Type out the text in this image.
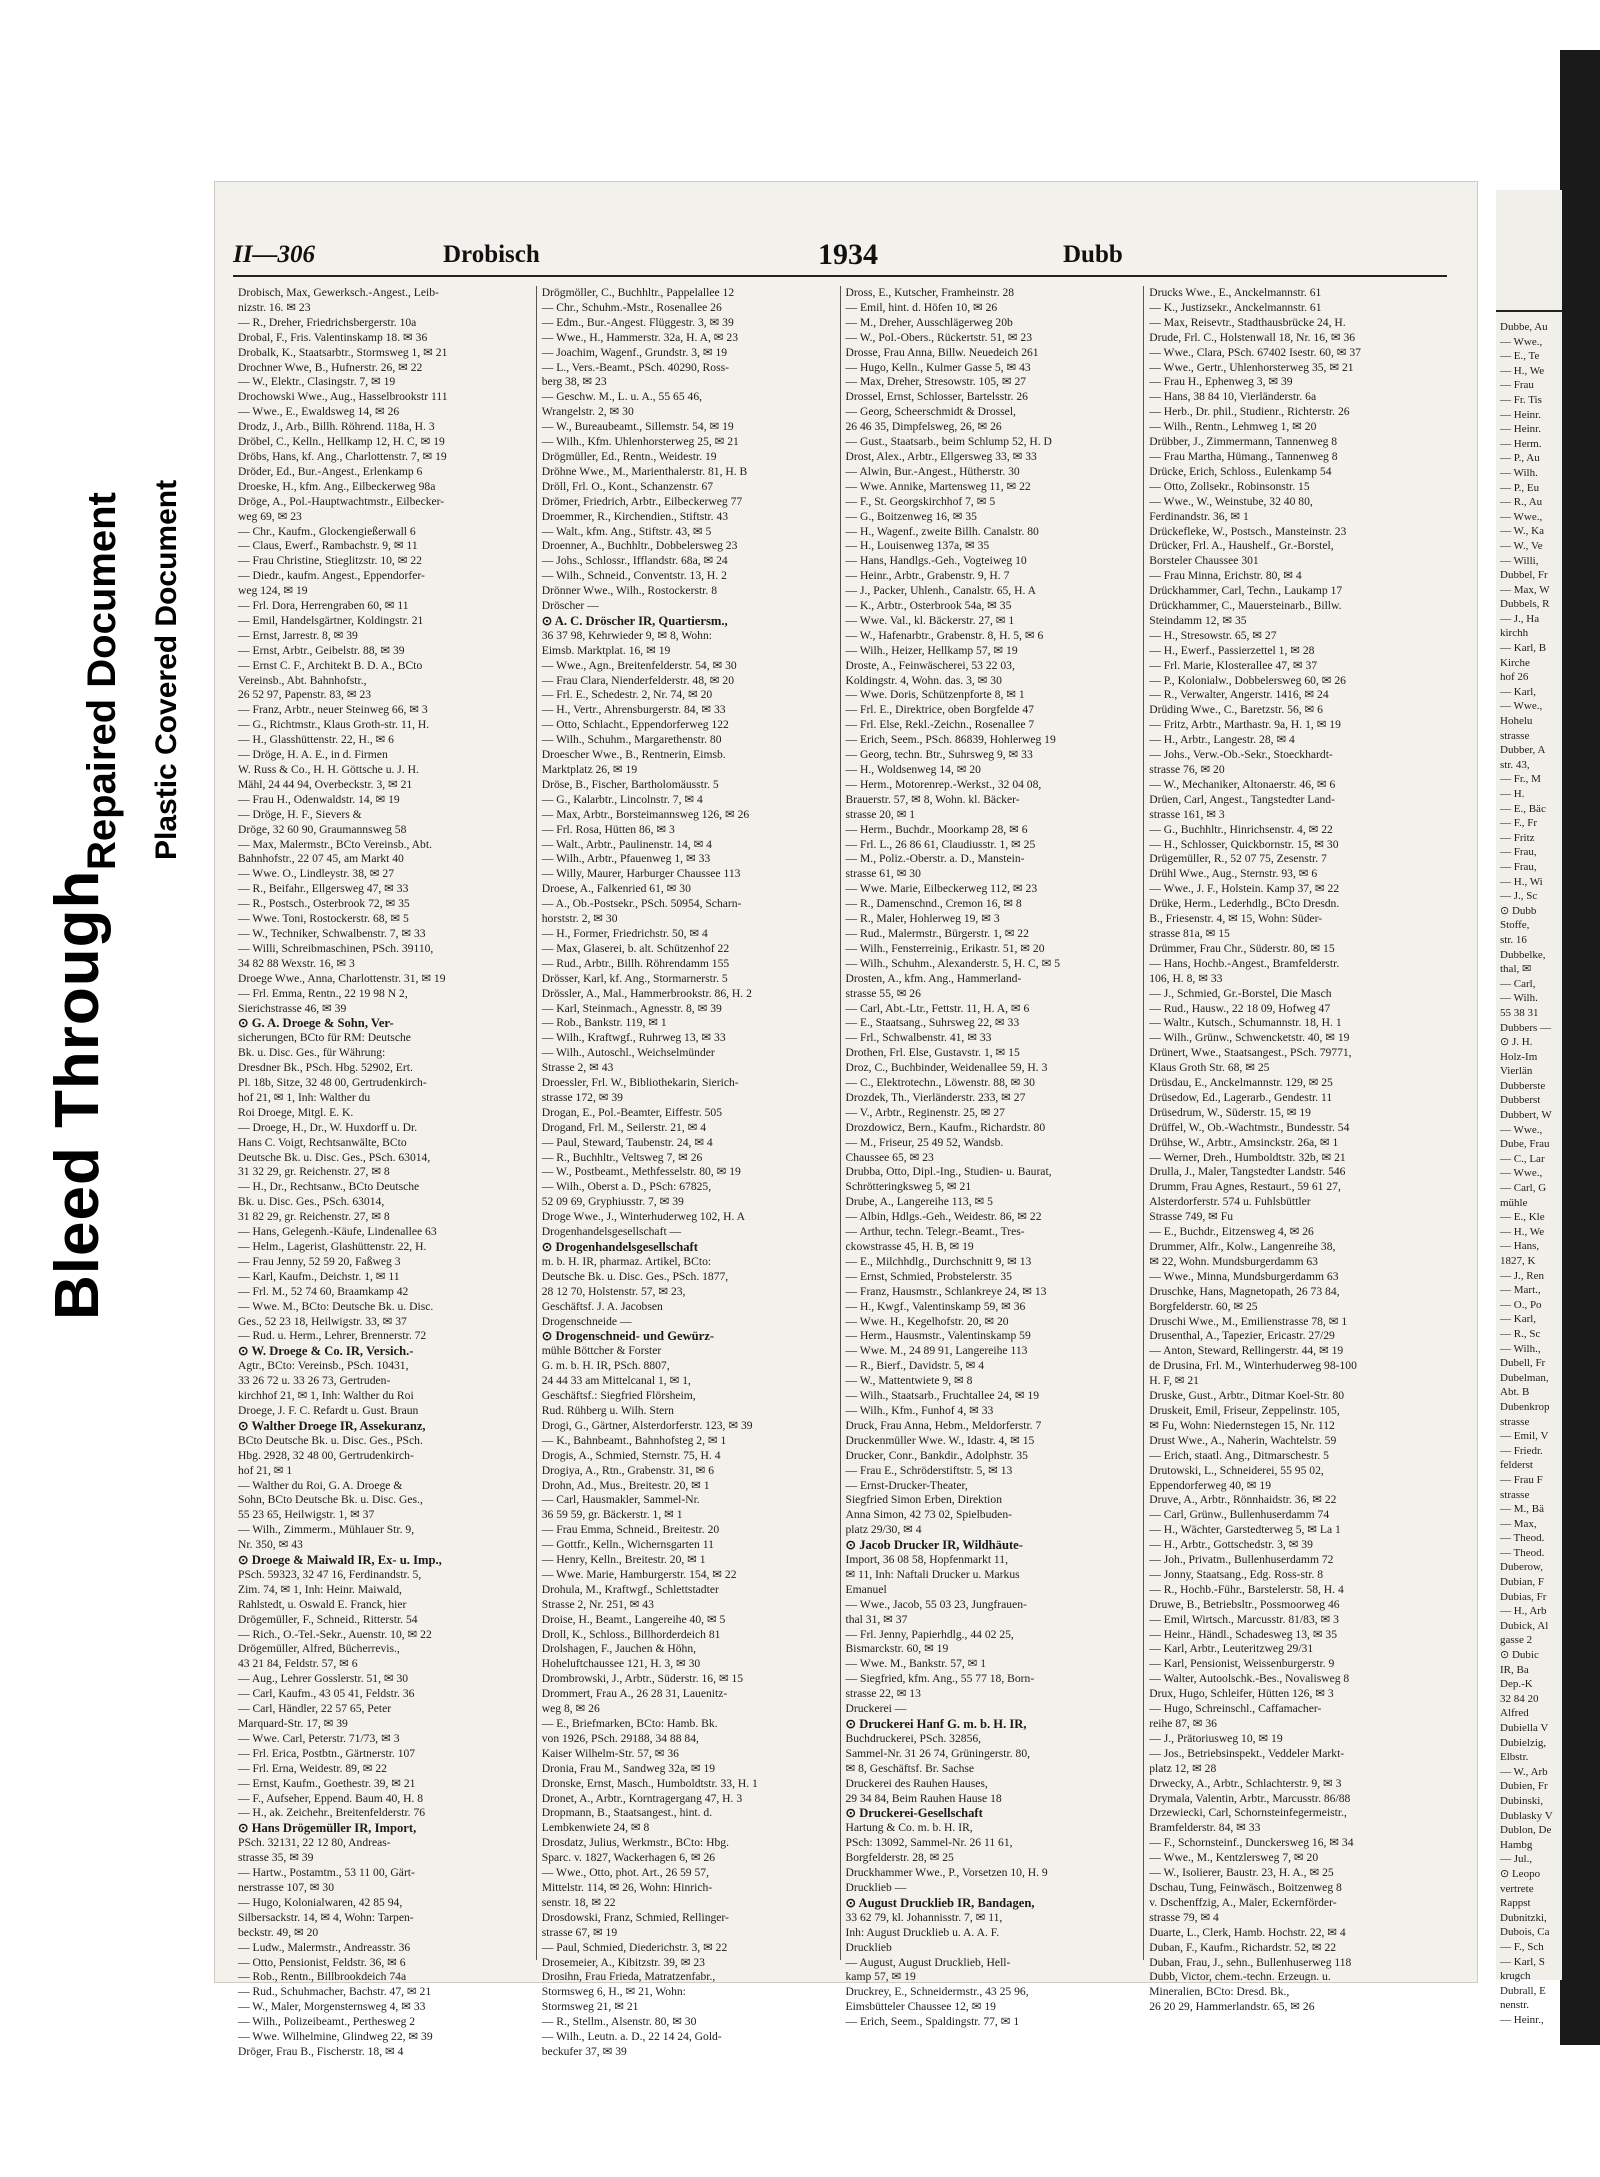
Bleed Through
Repaired Document Plastic Covered Document
II—306	Drobisch	1934	Dubb
Drobisch, Max, Gewerksch.-Angest., Leib-
nizstr. 16. ✉ 23
— R., Dreher, Friedrichsbergerstr. 10a
Drobal, F., Fris. Valentinskamp 18. ✉ 36
Drobalk, K., Staatsarbtr., Stormsweg 1, ✉ 21
Drochner Wwe, B., Hufnerstr. 26, ✉ 22
— W., Elektr., Clasingstr. 7, ✉ 19
Drochowski Wwe., Aug., Hasselbrookstr 111
— Wwe., E., Ewaldsweg 14, ✉ 26
Drodz, J., Arb., Billh. Röhrend. 118a, H. 3
Dröbel, C., Kelln., Hellkamp 12, H. C, ✉ 19
Dröbs, Hans, kf. Ang., Charlottenstr. 7, ✉ 19
Dröder, Ed., Bur.-Angest., Erlenkamp 6
Droeske, H., kfm. Ang., Eilbeckerweg 98a
Dröge, A., Pol.-Hauptwachtmstr., Eilbecker-
weg 69, ✉ 23
— Chr., Kaufm., Glockengießerwall 6
— Claus, Ewerf., Rambachstr. 9, ✉ 11
— Frau Christine, Stieglitzstr. 10, ✉ 22
— Diedr., kaufm. Angest., Eppendorfer-
weg 124, ✉ 19
— Frl. Dora, Herrengraben 60, ✉ 11
— Emil, Handelsgärtner, Koldingstr. 21
— Ernst, Jarrestr. 8, ✉ 39
— Ernst, Arbtr., Geibelstr. 88, ✉ 39
— Ernst C. F., Architekt B. D. A., BCto
Vereinsb., Abt. Bahnhofstr.,
26 52 97, Papenstr. 83, ✉ 23
— Franz, Arbtr., neuer Steinweg 66, ✉ 3
— G., Richtmstr., Klaus Groth-str. 11, H.
— H., Glasshüttenstr. 22, H., ✉ 6
— Dröge, H. A. E., in d. Firmen
W. Russ & Co., H. H. Göttsche u. J. H.
Mähl, 24 44 94, Overbeckstr. 3, ✉ 21
— Frau H., Odenwaldstr. 14, ✉ 19
— Dröge, H. F., Sievers &
Dröge, 32 60 90, Graumannsweg 58
— Max, Malermstr., BCto Vereinsb., Abt.
Bahnhofstr., 22 07 45, am Markt 40
— Wwe. O., Lindleystr. 38, ✉ 27
— R., Beifahr., Ellgersweg 47, ✉ 33
— R., Postsch., Osterbrook 72, ✉ 35
— Wwe. Toni, Rostockerstr. 68, ✉ 5
— W., Techniker, Schwalbenstr. 7, ✉ 33
— Willi, Schreibmaschinen, PSch. 39110,
34 82 88 Wexstr. 16, ✉ 3
Droege Wwe., Anna, Charlottenstr. 31, ✉ 19
— Frl. Emma, Rentn., 22 19 98 N 2,
Sierichstrasse 46, ✉ 39
⊙ G. A. Droege & Sohn, Ver-
sicherungen, BCto für RM: Deutsche
Bk. u. Disc. Ges., für Währung:
Dresdner Bk., PSch. Hbg. 52902, Ert.
Pl. 18b, Sitze, 32 48 00, Gertrudenkirch-
hof 21, ✉ 1, Inh: Walther du
Roi Droege, Mitgl. E. K.
— Droege, H., Dr., W. Huxdorff u. Dr.
Hans C. Voigt, Rechtsanwälte, BCto
Deutsche Bk. u. Disc. Ges., PSch. 63014,
31 32 29, gr. Reichenstr. 27, ✉ 8
— H., Dr., Rechtsanw., BCto Deutsche
Bk. u. Disc. Ges., PSch. 63014,
31 82 29, gr. Reichenstr. 27, ✉ 8
— Hans, Gelegenh.-Käufe, Lindenallee 63
— Helm., Lagerist, Glashüttenstr. 22, H.
— Frau Jenny, 52 59 20, Faßweg 3
— Karl, Kaufm., Deichstr. 1, ✉ 11
— Frl. M., 52 74 60, Braamkamp 42
— Wwe. M., BCto: Deutsche Bk. u. Disc.
Ges., 52 23 18, Heilwigstr. 33, ✉ 37
— Rud. u. Herm., Lehrer, Brennerstr. 72
⊙ W. Droege & Co. IR, Versich.-
Agtr., BCto: Vereinsb., PSch. 10431,
33 26 72 u. 33 26 73, Gertruden-
kirchhof 21, ✉ 1, Inh: Walther du Roi
Droege, J. F. C. Refardt u. Gust. Braun
⊙ Walther Droege IR, Assekuranz,
BCto Deutsche Bk. u. Disc. Ges., PSch.
Hbg. 2928, 32 48 00, Gertrudenkirch-
hof 21, ✉ 1
— Walther du Roi, G. A. Droege &
Sohn, BCto Deutsche Bk. u. Disc. Ges.,
55 23 65, Heilwigstr. 1, ✉ 37
— Wilh., Zimmerm., Mühlauer Str. 9,
Nr. 350, ✉ 43
⊙ Droege & Maiwald IR, Ex- u. Imp.,
PSch. 59323, 32 47 16, Ferdinandstr. 5,
Zim. 74, ✉ 1, Inh: Heinr. Maiwald,
Rahlstedt, u. Oswald E. Franck, hier
Drögemüller, F., Schneid., Ritterstr. 54
— Rich., O.-Tel.-Sekr., Auenstr. 10, ✉ 22
Drögemüller, Alfred, Bücherrevis.,
43 21 84, Feldstr. 57, ✉ 6
— Aug., Lehrer Gosslerstr. 51, ✉ 30
— Carl, Kaufm., 43 05 41, Feldstr. 36
— Carl, Händler, 22 57 65, Peter
Marquard-Str. 17, ✉ 39
— Wwe. Carl, Peterstr. 71/73, ✉ 3
— Frl. Erica, Postbtn., Gärtnerstr. 107
— Frl. Erna, Weidestr. 89, ✉ 22
— Ernst, Kaufm., Goethestr. 39, ✉ 21
— F., Aufseher, Eppend. Baum 40, H. 8
— H., ak. Zeichehr., Breitenfelderstr. 76
⊙ Hans Drögemüller IR, Import,
PSch. 32131, 22 12 80, Andreas-
strasse 35, ✉ 39
— Hartw., Postamtm., 53 11 00, Gärt-
nerstrasse 107, ✉ 30
— Hugo, Kolonialwaren, 42 85 94,
Silbersackstr. 14, ✉ 4, Wohn: Tarpen-
beckstr. 49, ✉ 20
— Ludw., Malermstr., Andreasstr. 36
— Otto, Pensionist, Feldstr. 36, ✉ 6
— Rob., Rentn., Billbrookdeich 74a
— Rud., Schuhmacher, Bachstr. 47, ✉ 21
— W., Maler, Morgensternsweg 4, ✉ 33
— Wilh., Polizeibeamt., Perthesweg 2
— Wwe. Wilhelmine, Glindweg 22, ✉ 39
Dröger, Frau B., Fischerstr. 18, ✉ 4
Drögmöller, C., Buchhltr., Pappelallee 12
— Chr., Schuhm.-Mstr., Rosenallee 26
— Edm., Bur.-Angest. Flüggestr. 3, ✉ 39
— Wwe., H., Hammerstr. 32a, H. A, ✉ 23
— Joachim, Wagenf., Grundstr. 3, ✉ 19
— L., Vers.-Beamt., PSch. 40290, Ross-
berg 38, ✉ 23
— Geschw. M., L. u. A., 55 65 46,
Wrangelstr. 2, ✉ 30
— W., Bureaubeamt., Sillemstr. 54, ✉ 19
— Wilh., Kfm. Uhlenhorsterweg 25, ✉ 21
Drögmüller, Ed., Rentn., Weidestr. 19
Dröhne Wwe., M., Marienthalerstr. 81, H. B
Dröll, Frl. O., Kont., Schanzenstr. 67
Drömer, Friedrich, Arbtr., Eilbeckerweg 77
Droemmer, R., Kirchendien., Stiftstr. 43
— Walt., kfm. Ang., Stiftstr. 43, ✉ 5
Droenner, A., Buchhltr., Dobbelersweg 23
— Johs., Schlossr., Ifflandstr. 68a, ✉ 24
— Wilh., Schneid., Conventstr. 13, H. 2
Drönner Wwe., Wilh., Rostockerstr. 8
Dröscher —
⊙ A. C. Dröscher IR, Quartiersm.,
36 37 98, Kehrwieder 9, ✉ 8, Wohn:
Eimsb. Marktplat. 16, ✉ 19
— Wwe., Agn., Breitenfelderstr. 54, ✉ 30
— Frau Clara, Nienderfelderstr. 48, ✉ 20
— Frl. E., Schedestr. 2, Nr. 74, ✉ 20
— H., Vertr., Ahrensburgerstr. 84, ✉ 33
— Otto, Schlacht., Eppendorferweg 122
— Wilh., Schuhm., Margarethenstr. 80
Droescher Wwe., B., Rentnerin, Eimsb.
Marktplatz 26, ✉ 19
Dröse, B., Fischer, Bartholomäusstr. 5
— G., Kalarbtr., Lincolnstr. 7, ✉ 4
— Max, Arbtr., Borsteimannsweg 126, ✉ 26
— Frl. Rosa, Hütten 86, ✉ 3
— Walt., Arbtr., Paulinenstr. 14, ✉ 4
— Wilh., Arbtr., Pfauenweg 1, ✉ 33
— Willy, Maurer, Harburger Chaussee 113
Droese, A., Falkenried 61, ✉ 30
— A., Ob.-Postsekr., PSch. 50954, Scharn-
horststr. 2, ✉ 30
— H., Former, Friedrichstr. 50, ✉ 4
— Max, Glaserei, b. alt. Schützenhof 22
— Rud., Arbtr., Billh. Röhrendamm 155
Drösser, Karl, kf. Ang., Stormarnerstr. 5
Drössler, A., Mal., Hammerbrookstr. 86, H. 2
— Karl, Steinmach., Agnesstr. 8, ✉ 39
— Rob., Bankstr. 119, ✉ 1
— Wilh., Kraftwgf., Ruhrweg 13, ✉ 33
— Wilh., Autoschl., Weichselmünder
Strasse 2, ✉ 43
Droessler, Frl. W., Bibliothekarin, Sierich-
strasse 172, ✉ 39
Drogan, E., Pol.-Beamter, Eiffestr. 505
Drogand, Frl. M., Seilerstr. 21, ✉ 4
— Paul, Steward, Taubenstr. 24, ✉ 4
— R., Buchhltr., Veltsweg 7, ✉ 26
— W., Postbeamt., Methfesselstr. 80, ✉ 19
— Wilh., Oberst a. D., PSch: 67825,
52 09 69, Gryphiusstr. 7, ✉ 39
Droge Wwe., J., Winterhuderweg 102, H. A
Drogenhandelsgesellschaft —
⊙ Drogenhandelsgesellschaft
m. b. H. IR, pharmaz. Artikel, BCto:
Deutsche Bk. u. Disc. Ges., PSch. 1877,
28 12 70, Holstenstr. 57, ✉ 23,
Geschäftsf. J. A. Jacobsen
Drogenschneide —
⊙ Drogenschneid- und Gewürz-
mühle Böttcher & Forster
G. m. b. H. IR, PSch. 8807,
24 44 33 am Mittelcanal 1, ✉ 1,
Geschäftsf.: Siegfried Flörsheim,
Rud. Rühberg u. Wilh. Stern
Drogi, G., Gärtner, Alsterdorferstr. 123, ✉ 39
— K., Bahnbeamt., Bahnhofsteg 2, ✉ 1
Drogis, A., Schmied, Sternstr. 75, H. 4
Drogiya, A., Rtn., Grabenstr. 31, ✉ 6
Drohn, Ad., Mus., Breitestr. 20, ✉ 1
— Carl, Hausmakler, Sammel-Nr.
36 59 59, gr. Bäckerstr. 1, ✉ 1
— Frau Emma, Schneid., Breitestr. 20
— Gottfr., Kelln., Wichernsgarten 11
— Henry, Kelln., Breitestr. 20, ✉ 1
— Wwe. Marie, Hamburgerstr. 154, ✉ 22
Drohula, M., Kraftwgf., Schlettstadter
Strasse 2, Nr. 251, ✉ 43
Droise, H., Beamt., Langereihe 40, ✉ 5
Droll, K., Schloss., Billhorderdeich 81
Drolshagen, F., Jauchen & Höhn,
Hoheluftchaussee 121, H. 3, ✉ 30
Drombrowski, J., Arbtr., Süderstr. 16, ✉ 15
Drommert, Frau A., 26 28 31, Lauenitz-
weg 8, ✉ 26
— E., Briefmarken, BCto: Hamb. Bk.
von 1926, PSch. 29188, 34 88 84,
Kaiser Wilhelm-Str. 57, ✉ 36
Dronia, Frau M., Sandweg 32a, ✉ 19
Dronske, Ernst, Masch., Humboldtstr. 33, H. 1
Dronet, A., Arbtr., Korntragergang 47, H. 3
Dropmann, B., Staatsangest., hint. d.
Lembkenwiete 24, ✉ 8
Drosdatz, Julius, Werkmstr., BCto: Hbg.
Sparc. v. 1827, Wackerhagen 6, ✉ 26
— Wwe., Otto, phot. Art., 26 59 57,
Mittelstr. 114, ✉ 26, Wohn: Hinrich-
senstr. 18, ✉ 22
Drosdowski, Franz, Schmied, Rellinger-
strasse 67, ✉ 19
— Paul, Schmied, Diederichstr. 3, ✉ 22
Drosemeier, A., Kibitzstr. 39, ✉ 23
Drosihn, Frau Frieda, Matratzenfabr.,
Stormsweg 6, H., ✉ 21, Wohn:
Stormsweg 21, ✉ 21
— R., Stellm., Alsenstr. 80, ✉ 30
— Wilh., Leutn. a. D., 22 14 24, Gold-
beckufer 37, ✉ 39
Dross, E., Kutscher, Framheinstr. 28
— Emil, hint. d. Höfen 10, ✉ 26
— M., Dreher, Ausschlägerweg 20b
— W., Pol.-Obers., Rückertstr. 51, ✉ 23
Drosse, Frau Anna, Billw. Neuedeich 261
— Hugo, Kelln., Kulmer Gasse 5, ✉ 43
— Max, Dreher, Stresowstr. 105, ✉ 27
Drossel, Ernst, Schlosser, Bartelsstr. 26
— Georg, Scheerschmidt & Drossel,
26 46 35, Dimpfelsweg, 26, ✉ 26
— Gust., Staatsarb., beim Schlump 52, H. D
Drost, Alex., Arbtr., Ellgersweg 33, ✉ 33
— Alwin, Bur.-Angest., Hütherstr. 30
— Wwe. Annike, Martensweg 11, ✉ 22
— F., St. Georgskirchhof 7, ✉ 5
— G., Boitzenweg 16, ✉ 35
— H., Wagenf., zweite Billh. Canalstr. 80
— H., Louisenweg 137a, ✉ 35
— Hans, Handlgs.-Geh., Vogteiweg 10
— Heinr., Arbtr., Grabenstr. 9, H. 7
— J., Packer, Uhlenh., Canalstr. 65, H. A
— K., Arbtr., Osterbrook 54a, ✉ 35
— Wwe. Val., kl. Bäckerstr. 27, ✉ 1
— W., Hafenarbtr., Grabenstr. 8, H. 5, ✉ 6
— Wilh., Heizer, Hellkamp 57, ✉ 19
Droste, A., Feinwäscherei, 53 22 03,
Koldingstr. 4, Wohn. das. 3, ✉ 30
— Wwe. Doris, Schützenpforte 8, ✉ 1
— Frl. E., Direktrice, oben Borgfelde 47
— Frl. Else, Rekl.-Zeichn., Rosenallee 7
— Erich, Seem., PSch. 86839, Hohlerweg 19
— Georg, techn. Btr., Suhrsweg 9, ✉ 33
— H., Woldsenweg 14, ✉ 20
— Herm., Motorenrep.-Werkst., 32 04 08,
Brauerstr. 57, ✉ 8, Wohn. kl. Bäcker-
strasse 20, ✉ 1
— Herm., Buchdr., Moorkamp 28, ✉ 6
— Frl. L., 26 86 61, Claudiusstr. 1, ✉ 25
— M., Poliz.-Oberstr. a. D., Manstein-
strasse 61, ✉ 30
— Wwe. Marie, Eilbeckerweg 112, ✉ 23
— R., Damenschnd., Cremon 16, ✉ 8
— R., Maler, Hohlerweg 19, ✉ 3
— Rud., Malermstr., Bürgerstr. 1, ✉ 22
— Wilh., Fensterreinig., Erikastr. 51, ✉ 20
— Wilh., Schuhm., Alexanderstr. 5, H. C, ✉ 5
Drosten, A., kfm. Ang., Hammerland-
strasse 55, ✉ 26
— Carl, Abt.-Ltr., Fettstr. 11, H. A, ✉ 6
— E., Staatsang., Suhrsweg 22, ✉ 33
— Frl., Schwalbenstr. 41, ✉ 33
Drothen, Frl. Else, Gustavstr. 1, ✉ 15
Droz, C., Buchbinder, Weidenallee 59, H. 3
— C., Elektrotechn., Löwenstr. 88, ✉ 30
Drozdek, Th., Vierländerstr. 233, ✉ 27
— V., Arbtr., Reginenstr. 25, ✉ 27
Drozdowicz, Bern., Kaufm., Richardstr. 80
— M., Friseur, 25 49 52, Wandsb.
Chaussee 65, ✉ 23
Drubba, Otto, Dipl.-Ing., Studien- u. Baurat,
Schrötteringksweg 5, ✉ 21
Drube, A., Langereihe 113, ✉ 5
— Albin, Hdlgs.-Geh., Weidestr. 86, ✉ 22
— Arthur, techn. Telegr.-Beamt., Tres-
ckowstrasse 45, H. B, ✉ 19
— E., Milchhdlg., Durchschnitt 9, ✉ 13
— Ernst, Schmied, Probstelerstr. 35
— Franz, Hausmstr., Schlankreye 24, ✉ 13
— H., Kwgf., Valentinskamp 59, ✉ 36
— Wwe. H., Kegelhofstr. 20, ✉ 20
— Herm., Hausmstr., Valentinskamp 59
— Wwe. M., 24 89 91, Langereihe 113
— R., Bierf., Davidstr. 5, ✉ 4
— W., Mattentwiete 9, ✉ 8
— Wilh., Staatsarb., Fruchtallee 24, ✉ 19
— Wilh., Kfm., Funhof 4, ✉ 33
Druck, Frau Anna, Hebm., Meldorferstr. 7
Druckenmüller Wwe. W., Idastr. 4, ✉ 15
Drucker, Conr., Bankdir., Adolphstr. 35
— Frau E., Schröderstiftstr. 5, ✉ 13
— Ernst-Drucker-Theater,
Siegfried Simon Erben, Direktion
Anna Simon, 42 73 02, Spielbuden-
platz 29/30, ✉ 4
⊙ Jacob Drucker IR, Wildhäute-
Import, 36 08 58, Hopfenmarkt 11,
✉ 11, Inh: Naftali Drucker u. Markus
Emanuel
— Wwe., Jacob, 55 03 23, Jungfrauen-
thal 31, ✉ 37
— Frl. Jenny, Papierhdlg., 44 02 25,
Bismarckstr. 60, ✉ 19
— Wwe. M., Bankstr. 57, ✉ 1
— Siegfried, kfm. Ang., 55 77 18, Born-
strasse 22, ✉ 13
Druckerei —
⊙ Druckerei Hanf G. m. b. H. IR,
Buchdruckerei, PSch. 32856,
Sammel-Nr. 31 26 74, Grüningerstr. 80,
✉ 8, Geschäftsf. Br. Sachse
Druckerei des Rauhen Hauses,
29 34 84, Beim Rauhen Hause 18
⊙ Druckerei-Gesellschaft
Hartung & Co. m. b. H. IR,
PSch: 13092, Sammel-Nr. 26 11 61,
Borgfelderstr. 28, ✉ 25
Druckhammer Wwe., P., Vorsetzen 10, H. 9
Drucklieb —
⊙ August Drucklieb IR, Bandagen,
33 62 79, kl. Johannisstr. 7, ✉ 11,
Inh: August Drucklieb u. A. A. F.
Drucklieb
— August, August Drucklieb, Hell-
kamp 57, ✉ 19
Druckrey, E., Schneidermstr., 43 25 96,
Eimsbütteler Chaussee 12, ✉ 19
— Erich, Seem., Spaldingstr. 77, ✉ 1
Drucks Wwe., E., Anckelmannstr. 61
— K., Justizsekr., Anckelmannstr. 61
— Max, Reisevtr., Stadthausbrücke 24, H.
Drude, Frl. C., Holstenwall 18, Nr. 16, ✉ 36
— Wwe., Clara, PSch. 67402 Isestr. 60, ✉ 37
— Wwe., Gertr., Uhlenhorsterweg 35, ✉ 21
— Frau H., Ephenweg 3, ✉ 39
— Hans, 38 84 10, Vierländerstr. 6a
— Herb., Dr. phil., Studienr., Richterstr. 26
— Wilh., Rentn., Lehmweg 1, ✉ 20
Drübber, J., Zimmermann, Tannenweg 8
— Frau Martha, Hümang., Tannenweg 8
Drücke, Erich, Schloss., Eulenkamp 54
— Otto, Zollsekr., Robinsonstr. 15
— Wwe., W., Weinstube, 32 40 80,
Ferdinandstr. 36, ✉ 1
Drückefleke, W., Postsch., Mansteinstr. 23
Drücker, Frl. A., Haushelf., Gr.-Borstel,
Borsteler Chaussee 301
— Frau Minna, Erichstr. 80, ✉ 4
Drückhammer, Carl, Techn., Laukamp 17
Drückhammer, C., Mauersteinarb., Billw.
Steindamm 12, ✉ 35
— H., Stresowstr. 65, ✉ 27
— H., Ewerf., Passierzettel 1, ✉ 28
— Frl. Marie, Klosterallee 47, ✉ 37
— P., Kolonialw., Dobbelersweg 60, ✉ 26
— R., Verwalter, Angerstr. 1416, ✉ 24
Drüding Wwe., C., Baretzstr. 56, ✉ 6
— Fritz, Arbtr., Marthastr. 9a, H. 1, ✉ 19
— H., Arbtr., Langestr. 28, ✉ 4
— Johs., Verw.-Ob.-Sekr., Stoeckhardt-
strasse 76, ✉ 20
— W., Mechaniker, Altonaerstr. 46, ✉ 6
Drüen, Carl, Angest., Tangstedter Land-
strasse 161, ✉ 3
— G., Buchhltr., Hinrichsenstr. 4, ✉ 22
— H., Schlosser, Quickbornstr. 15, ✉ 30
Drügemüller, R., 52 07 75, Zesenstr. 7
Drühl Wwe., Aug., Sternstr. 93, ✉ 6
— Wwe., J. F., Holstein. Kamp 37, ✉ 22
Drüke, Herm., Lederhdlg., BCto Dresdn.
B., Friesenstr. 4, ✉ 15, Wohn: Süder-
strasse 81a, ✉ 15
Drümmer, Frau Chr., Süderstr. 80, ✉ 15
— Hans, Hochb.-Angest., Bramfelderstr.
106, H. 8, ✉ 33
— J., Schmied, Gr.-Borstel, Die Masch
— Rud., Hausw., 22 18 09, Hofweg 47
— Waltr., Kutsch., Schumannstr. 18, H. 1
— Wilh., Grünw., Schwencketstr. 40, ✉ 19
Drünert, Wwe., Staatsangest., PSch. 79771,
Klaus Groth Str. 68, ✉ 25
Drüsdau, E., Anckelmannstr. 129, ✉ 25
Drüsedow, Ed., Lagerarb., Gendestr. 11
Drüsedrum, W., Süderstr. 15, ✉ 19
Drüffel, W., Ob.-Wachtmstr., Bundesstr. 54
Drühse, W., Arbtr., Amsinckstr. 26a, ✉ 1
— Werner, Dreh., Humboldtstr. 32b, ✉ 21
Drulla, J., Maler, Tangstedter Landstr. 546
Drumm, Frau Agnes, Restaurt., 59 61 27,
Alsterdorferstr. 574 u. Fuhlsbüttler
Strasse 749, ✉ Fu
— E., Buchdr., Eitzensweg 4, ✉ 26
Drummer, Alfr., Kolw., Langenreihe 38,
✉ 22, Wohn. Mundsburgerdamm 63
— Wwe., Minna, Mundsburgerdamm 63
Druschke, Hans, Magnetopath, 26 73 84,
Borgfelderstr. 60, ✉ 25
Druschi Wwe., M., Emilienstrasse 78, ✉ 1
Drusenthal, A., Tapezier, Ericastr. 27/29
— Anton, Steward, Rellingerstr. 44, ✉ 19
de Drusina, Frl. M., Winterhuderweg 98-100
H. F, ✉ 21
Druske, Gust., Arbtr., Ditmar Koel-Str. 80
Druskeit, Emil, Friseur, Zeppelinstr. 105,
✉ Fu, Wohn: Niedernstegen 15, Nr. 112
Drust Wwe., A., Naherin, Wachtelstr. 59
— Erich, staatl. Ang., Ditmarschestr. 5
Drutowski, L., Schneiderei, 55 95 02,
Eppendorferweg 40, ✉ 19
Druve, A., Arbtr., Rönnhaidstr. 36, ✉ 22
— Carl, Grünw., Bullenhuserdamm 74
— H., Wächter, Garstedterweg 5, ✉ La 1
— H., Arbtr., Gottschedstr. 3, ✉ 39
— Joh., Privatm., Bullenhuserdamm 72
— Jonny, Staatsang., Edg. Ross-str. 8
— R., Hochb.-Führ., Barstelerstr. 58, H. 4
Druwe, B., Betriebsltr., Possmoorweg 46
— Emil, Wirtsch., Marcusstr. 81/83, ✉ 3
— Heinr., Händl., Schadesweg 13, ✉ 35
— Karl, Arbtr., Leuteritzweg 29/31
— Karl, Pensionist, Weissenburgerstr. 9
— Walter, Autoolschk.-Bes., Novalisweg 8
Drux, Hugo, Schleifer, Hütten 126, ✉ 3
— Hugo, Schreinschl., Caffamacher-
reihe 87, ✉ 36
— J., Prätoriusweg 10, ✉ 19
— Jos., Betriebsinspekt., Veddeler Markt-
platz 12, ✉ 28
Drwecky, A., Arbtr., Schlachterstr. 9, ✉ 3
Drymala, Valentin, Arbtr., Marcusstr. 86/88
Drzewiecki, Carl, Schornsteinfegermeistr.,
Bramfelderstr. 84, ✉ 33
— F., Schornsteinf., Dunckersweg 16, ✉ 34
— Wwe., M., Kentzlersweg 7, ✉ 20
— W., Isolierer, Baustr. 23, H. A., ✉ 25
Dschau, Tung, Feinwäsch., Boitzenweg 8
v. Dschenffzig, A., Maler, Eckernförder-
strasse 79, ✉ 4
Duarte, L., Clerk, Hamb. Hochstr. 22, ✉ 4
Duban, F., Kaufm., Richardstr. 52, ✉ 22
Duban, Frau, J., sehn., Bullenhuserweg 118
Dubb, Victor, chem.-techn. Erzeugn. u.
Mineralien, BCto: Dresd. Bk.,
26 20 29, Hammerlandstr. 65, ✉ 26
Dubbe, Au
— Wwe.,
— E., Te
— H., We
— Frau
— Fr. Tis
— Heinr.
— Heinr.
— Herm.
— P., Au
— Wilh.
— P., Eu
— R., Au
— Wwe.,
— W., Ka
— W., Ve
— Willi,
Dubbel, Fr
— Max, W
Dubbels, R
— J., Ha
kirchh
— Karl, B
Kirche
hof 26
— Karl,
— Wwe.,
Hohelu
strasse
Dubber, A
str. 43,
— Fr., M
— H.
— E., Bäc
— F., Fr
— Fritz
— Frau,
— Frau,
— H., Wi
— J., Sc
⊙ Dubb
Stoffe,
str. 16
Dubbelke,
thal, ✉
— Carl,
— Wilh.
55 38 31
Dubbers —
⊙ J. H.
Holz-Im
Vierlän
Dubberste
Dubberst
Dubbert, W
— Wwe.,
Dube, Frau
— C., Lar
— Wwe.,
— Carl, G
mühle
— E., Kle
— H., We
— Hans,
1827, K
— J., Ren
— Mart.,
— O., Po
— Karl,
— R., Sc
— Wilh.,
Dubell, Fr
Dubelman,
Abt. B
Dubenkrop
strasse
— Emil, V
— Friedr.
felderst
— Frau F
strasse
— M., Bä
— Max,
— Theod.
— Theod.
Duberow,
Dubian, F
Dubias, Fr
— H., Arb
Dubick, Al
gasse 2
⊙ Dubic
IR, Ba
Dep.-K
32 84 20
Alfred
Dubiella V
Dubielzig,
Elbstr.
— W., Arb
Dubien, Fr
Dubinski,
Dublasky V
Dublon, De
Hambg
— Jul.,
⊙ Leopo
vertrete
Rappst
Dubnitzki,
Dubois, Ca
— F., Sch
— Karl, S
krugch
Dubrall, E
nenstr.
— Heinr.,
